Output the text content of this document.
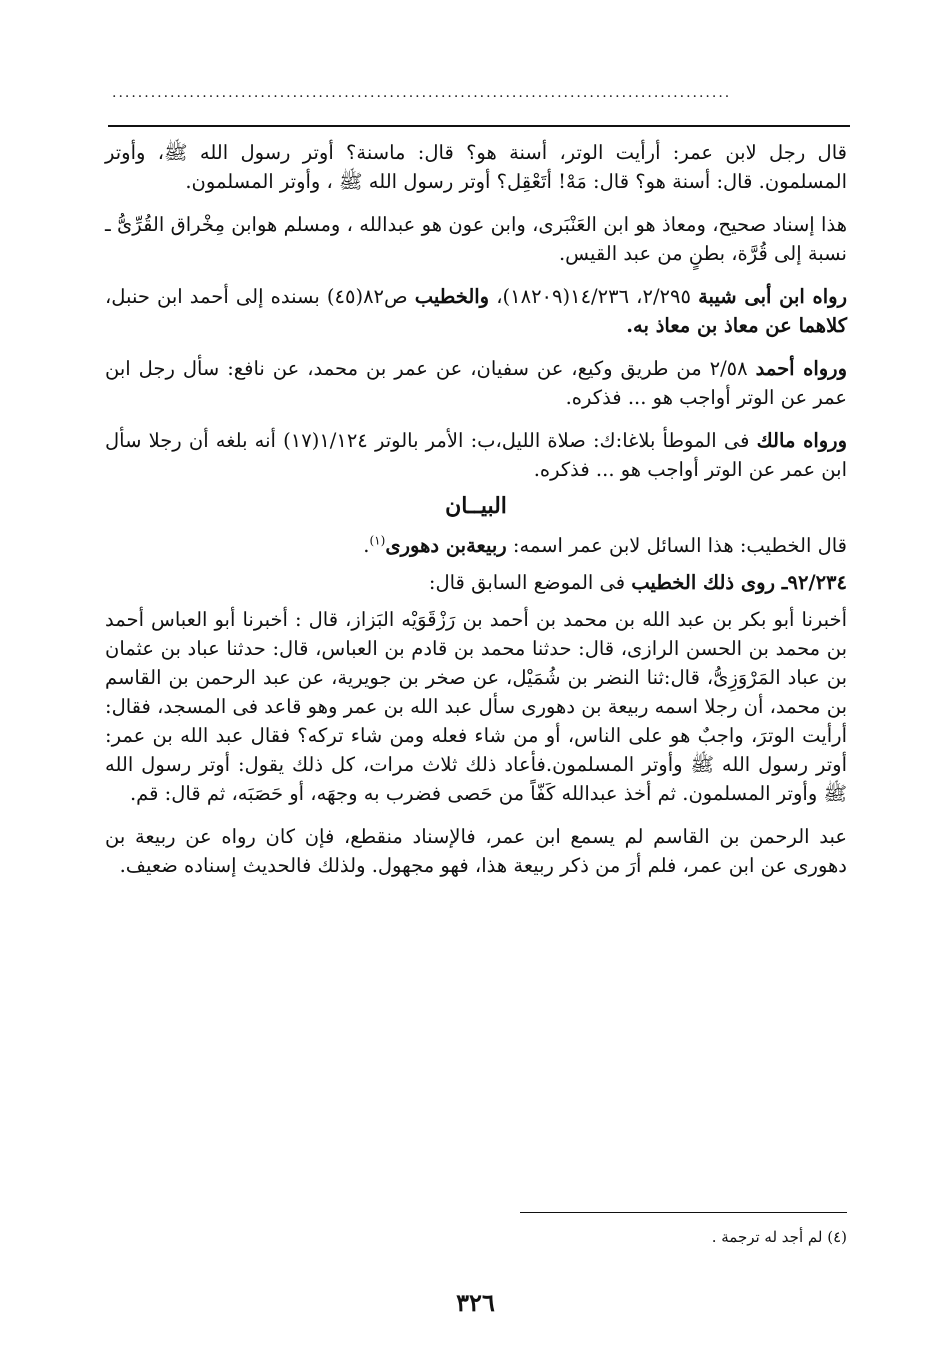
................................................................................................

قال رجل لابن عمر: أرأيت الوتر، أسنة هو؟ قال: ماسنة؟ أوتر رسول الله ﷺ، وأوتر المسلمون. قال: أسنة هو؟ قال: مَهْ! أتَعْقِل؟ أوتر رسول الله ﷺ ، وأوتر المسلمون.

هذا إسناد صحيح، ومعاذ هو ابن العَنْبَرى، وابن عون هو عبدالله ، ومسلم هوابن مِخْراق القُرِّىُّ ـ نسبة إلى قُرَّة، بطنٍ من عبد القيس.

رواه ابن أبى شيبة ٢/٢٩٥، ١٤/٢٣٦(١٨٢٠٩)، والخطيب ص٨٢(٤٥) بسنده إلى أحمد ابن حنبل، كلاهما عن معاذ بن معاذ به.

ورواه أحمد ٢/٥٨ من طريق وكيع، عن سفيان، عن عمر بن محمد، عن نافع: سأل رجل ابن عمر عن الوتر أواجب هو ... فذكره.

ورواه مالك فى الموطأ بلاغا:ك: صلاة الليل،ب: الأمر بالوتر ١/١٢٤(١٧) أنه بلغه أن رجلا سأل ابن عمر عن الوتر أواجب هو ... فذكره.

البيــان

قال الخطيب: هذا السائل لابن عمر اسمه: ربيعةبن دهورى$^{(١)}$.

٩٢/٢٣٤ـ روى ذلك الخطيب فى الموضع السابق قال:

أخبرنا أبو بكر بن عبد الله بن محمد بن أحمد بن رَزْقَوَيْه البَزاز، قال : أخبرنا أبو العباس أحمد بن محمد بن الحسن الرازى، قال: حدثنا محمد بن قادم بن العباس، قال: حدثنا عباد بن عثمان بن عباد المَرْوَزِىُّ، قال:ثنا النضر بن شُمَيْل، عن صخر بن جويرية، عن عبد الرحمن بن القاسم بن محمد، أن رجلا اسمه ربيعة بن دهورى سأل عبد الله بن عمر وهو قاعد فى المسجد، فقال: أرأيت الوترَ، واجبٌ هو على الناس، أو من شاء فعله ومن شاء تركه؟ فقال عبد الله بن عمر: أوتر رسول الله ﷺ وأوتر المسلمون.فأعاد ذلك ثلاث مرات، كل ذلك يقول: أوتر رسول الله ﷺ وأوتر المسلمون. ثم أخذ عبدالله كَفّاً من حَصى فضرب به وجهَه، أو حَصَبَه، ثم قال: قم.

عبد الرحمن بن القاسم لم يسمع ابن عمر، فالإسناد منقطع، فإن كان رواه عن ربيعة بن دهورى عن ابن عمر، فلم أرَ من ذكر ربيعة هذا، فهو مجهول. ولذلك فالحديث إسناده ضعيف.

(٤) لم أجد له ترجمة .
٣٢٦
